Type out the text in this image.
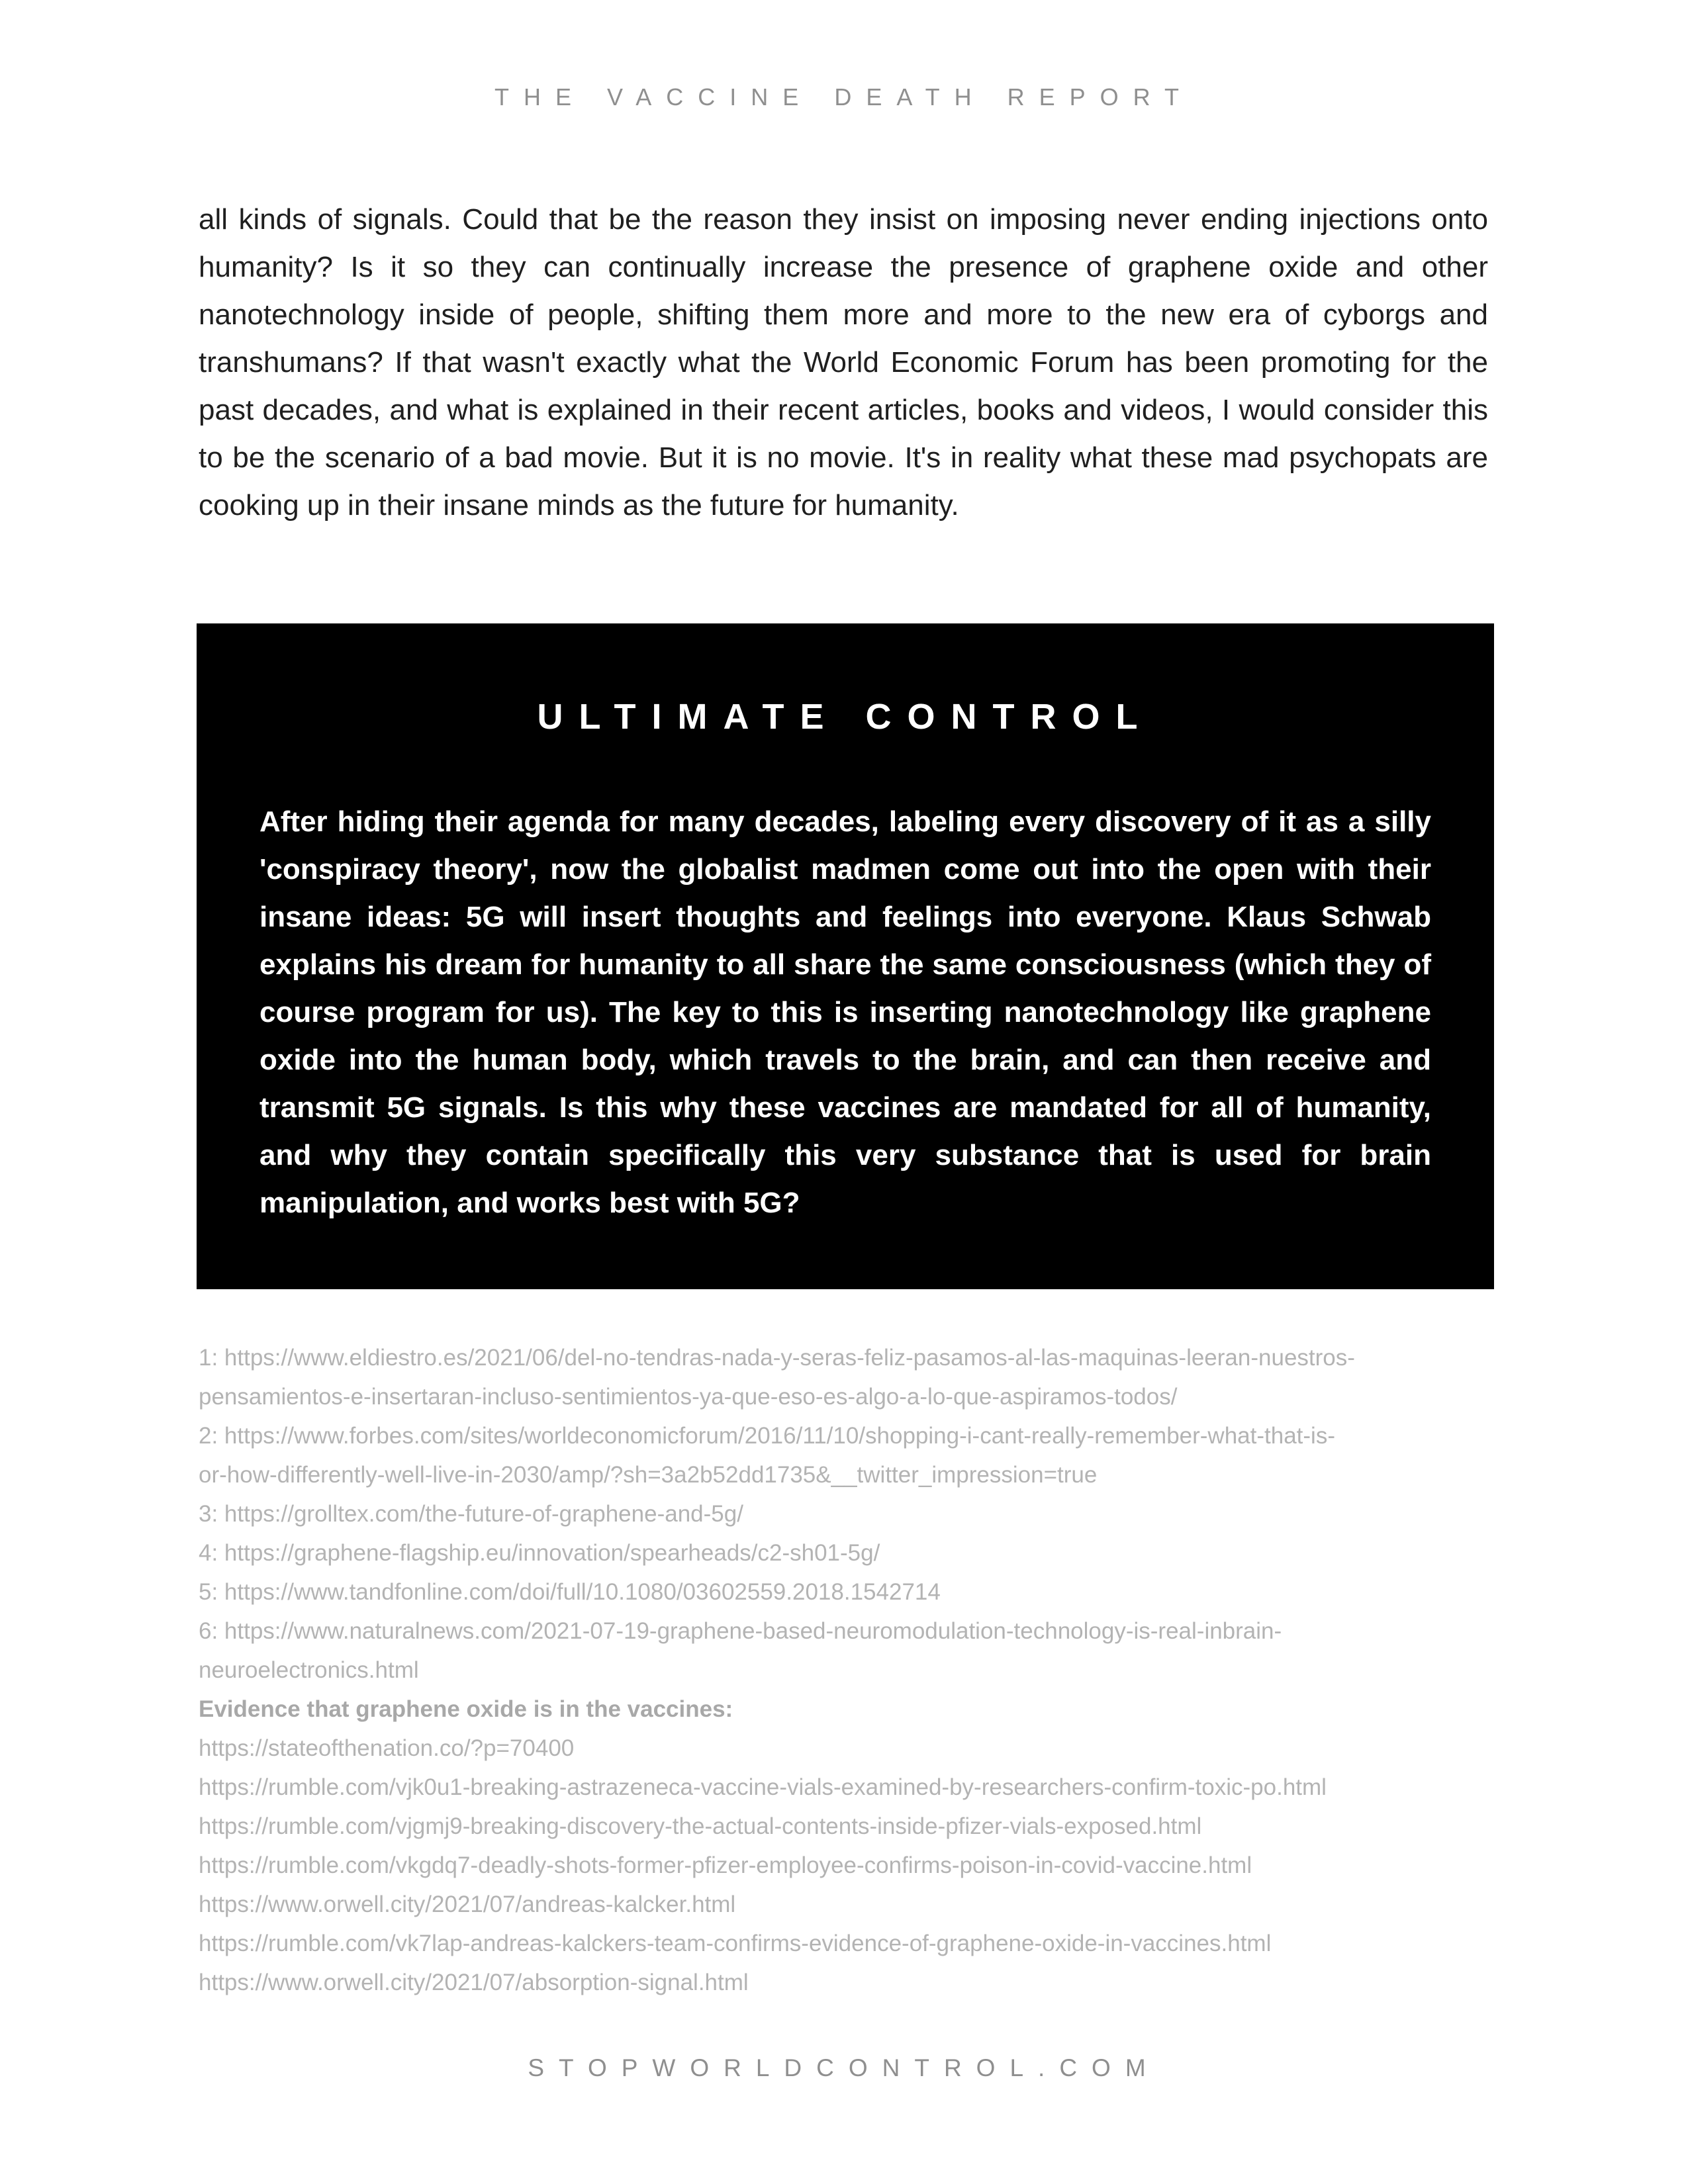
THE VACCINE DEATH REPORT

all kinds of signals. Could that be the reason they insist on imposing never ending injections onto humanity? Is it so they can continually increase the presence of graphene oxide and other nanotechnology inside of people, shifting them more and more to the new era of cyborgs and transhumans? If that wasn't exactly what the World Economic Forum has been promoting for the past decades, and what is explained in their recent articles, books and videos, I would consider this to be the scenario of a bad movie. But it is no movie. It's in reality what these mad psychopats are cooking up in their insane minds as the future for humanity.

ULTIMATE CONTROL
After hiding their agenda for many decades, labeling every discovery of it as a silly 'conspiracy theory', now the globalist madmen come out into the open with their insane ideas: 5G will insert thoughts and feelings into everyone. Klaus Schwab explains his dream for humanity to all share the same consciousness (which they of course program for us). The key to this is inserting nanotechnology like graphene oxide into the human body, which travels to the brain, and can then receive and transmit 5G signals. Is this why these vaccines are mandated for all of humanity, and why they contain specifically this very substance that is used for brain manipulation, and works best with 5G?
1: https://www.eldiestro.es/2021/06/del-no-tendras-nada-y-seras-feliz-pasamos-al-las-maquinas-leeran-nuestros-
pensamientos-e-insertaran-incluso-sentimientos-ya-que-eso-es-algo-a-lo-que-aspiramos-todos/
2: https://www.forbes.com/sites/worldeconomicforum/2016/11/10/shopping-i-cant-really-remember-what-that-is-
or-how-differently-well-live-in-2030/amp/?sh=3a2b52dd1735&__twitter_impression=true
3: https://grolltex.com/the-future-of-graphene-and-5g/
4: https://graphene-flagship.eu/innovation/spearheads/c2-sh01-5g/
5: https://www.tandfonline.com/doi/full/10.1080/03602559.2018.1542714
6: https://www.naturalnews.com/2021-07-19-graphene-based-neuromodulation-technology-is-real-inbrain-
neuroelectronics.html
Evidence that graphene oxide is in the vaccines:
https://stateofthenation.co/?p=70400
https://rumble.com/vjk0u1-breaking-astrazeneca-vaccine-vials-examined-by-researchers-confirm-toxic-po.html
https://rumble.com/vjgmj9-breaking-discovery-the-actual-contents-inside-pfizer-vials-exposed.html
https://rumble.com/vkgdq7-deadly-shots-former-pfizer-employee-confirms-poison-in-covid-vaccine.html
https://www.orwell.city/2021/07/andreas-kalcker.html
https://rumble.com/vk7lap-andreas-kalckers-team-confirms-evidence-of-graphene-oxide-in-vaccines.html
https://www.orwell.city/2021/07/absorption-signal.html
STOPWORLDCONTROL.COM
